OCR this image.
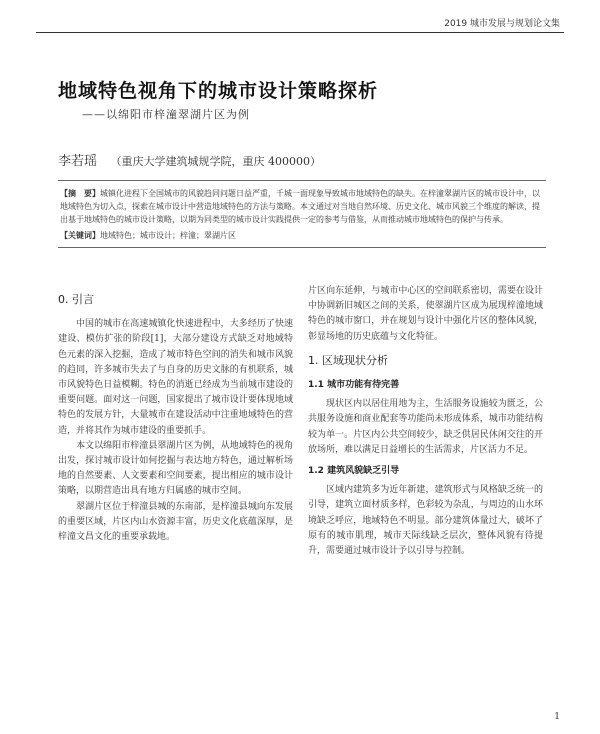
2019 城市发展与规划论文集
地域特色视角下的城市设计策略探析
——以绵阳市梓潼翠湖片区为例
李若瑶 （重庆大学建筑城规学院，重庆 400000）
【摘　要】城镇化进程下全国城市的风貌趋同问题日益严重，千城一面现象导致城市地域特色的缺失。在梓潼翠湖片区的城市设计中，以地域特色为切入点，探索在城市设计中营造地域特色的方法与策略。本文通过对当地自然环境、历史文化、城市风貌三个维度的解读，提出基于地域特色的城市设计策略，以期为同类型的城市设计实践提供一定的参考与借鉴，从而推动城市地域特色的保护与传承。
【关键词】地域特色；城市设计；梓潼；翠湖片区
0. 引言

中国的城市在高速城镇化快速进程中，大多经历了快速建设、模仿扩张的阶段[1]，大部分建设方式缺乏对地域特色元素的深入挖掘，造成了城市特色空间的消失和城市风貌的趋同，许多城市失去了与自身的历史文脉的有机联系，城市风貌特色日益模糊。特色的消逝已经成为当前城市建设的重要问题。面对这一问题，国家提出了城市设计要体现地域特色的发展方针，大量城市在建设活动中注重地域特色的营造，并将其作为城市建设的重要抓手。

本文以绵阳市梓潼县翠湖片区为例，从地域特色的视角出发，探讨城市设计如何挖掘与表达地方特色，通过解析场地的自然要素、人文要素和空间要素，提出相应的城市设计策略，以期营造出具有地方归属感的城市空间。

翠湖片区位于梓潼县城的东南部，是梓潼县城向东发展的重要区域，片区内山水资源丰富，历史文化底蕴深厚，是梓潼文昌文化的重要承载地。

片区向东延伸，与城市中心区的空间联系密切，需要在设计中协调新旧城区之间的关系，使翠湖片区成为展现梓潼地域特色的城市窗口，并在规划与设计中强化片区的整体风貌，彰显场地的历史底蕴与文化特征。

1. 区域现状分析
1.1 城市功能有待完善

现状区内以居住用地为主，生活服务设施较为匮乏，公共服务设施和商业配套等功能尚未形成体系，城市功能结构较为单一。片区内公共空间较少，缺乏供居民休闲交往的开放场所，难以满足日益增长的生活需求，片区活力不足。

1.2 建筑风貌缺乏引导

区域内建筑多为近年新建，建筑形式与风格缺乏统一的引导，建筑立面材质多样，色彩较为杂乱，与周边的山水环境缺乏呼应，地域特色不明显。部分建筑体量过大，破坏了原有的城市肌理，城市天际线缺乏层次，整体风貌有待提升，需要通过城市设计予以引导与控制。

1
